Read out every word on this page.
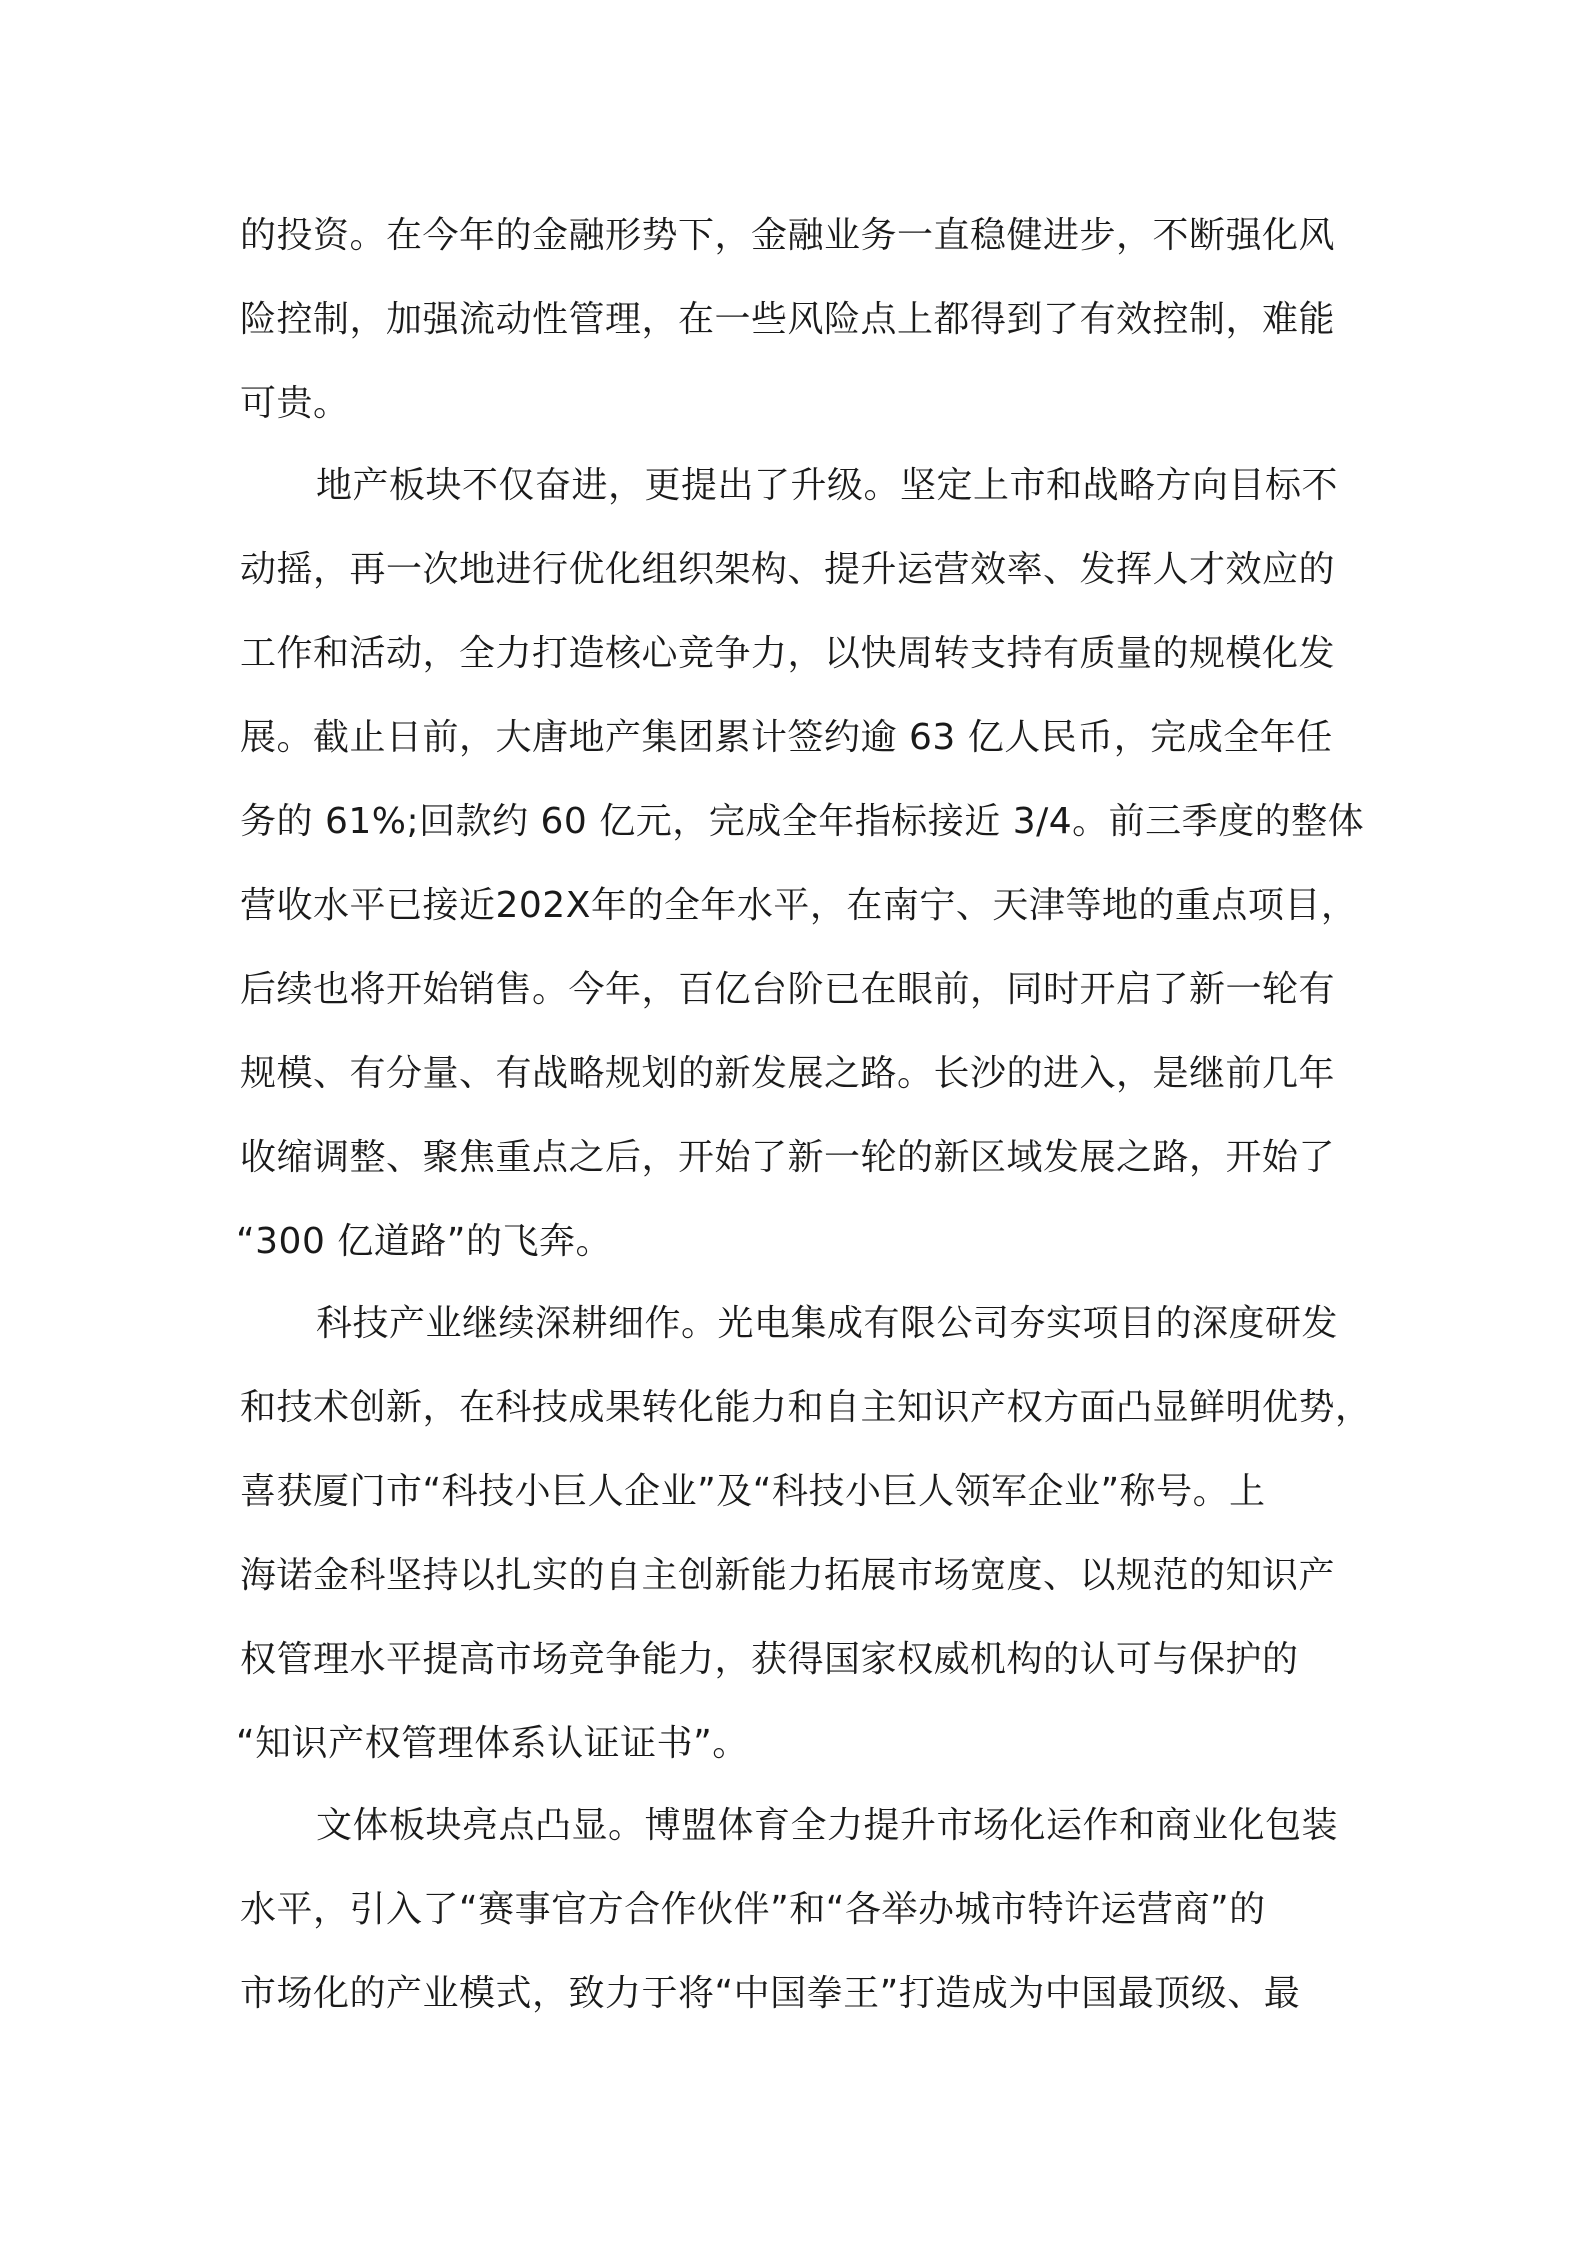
的投资。在今年的金融形势下，金融业务一直稳健进步，不断强化风

险控制，加强流动性管理，在一些风险点上都得到了有效控制，难能

可贵。

地产板块不仅奋进，更提出了升级。坚定上市和战略方向目标不

动摇，再一次地进行优化组织架构、提升运营效率、发挥人才效应的

工作和活动，全力打造核心竞争力，以快周转支持有质量的规模化发

展。截止日前，大唐地产集团累计签约逾 63 亿人民币，完成全年任

务的 61%;回款约 60 亿元，完成全年指标接近 3/4。前三季度的整体

营收水平已接近202X年的全年水平，在南宁、天津等地的重点项目，

后续也将开始销售。今年，百亿台阶已在眼前，同时开启了新一轮有

规模、有分量、有战略规划的新发展之路。长沙的进入，是继前几年

收缩调整、聚焦重点之后，开始了新一轮的新区域发展之路，开始了

“300 亿道路”的飞奔。

科技产业继续深耕细作。光电集成有限公司夯实项目的深度研发

和技术创新，在科技成果转化能力和自主知识产权方面凸显鲜明优势，

喜获厦门市“科技小巨人企业”及“科技小巨人领军企业”称号。上

海诺金科坚持以扎实的自主创新能力拓展市场宽度、以规范的知识产

权管理水平提高市场竞争能力，获得国家权威机构的认可与保护的

“知识产权管理体系认证证书”。

文体板块亮点凸显。博盟体育全力提升市场化运作和商业化包装

水平，引入了“赛事官方合作伙伴”和“各举办城市特许运营商”的

市场化的产业模式，致力于将“中国拳王”打造成为中国最顶级、最
